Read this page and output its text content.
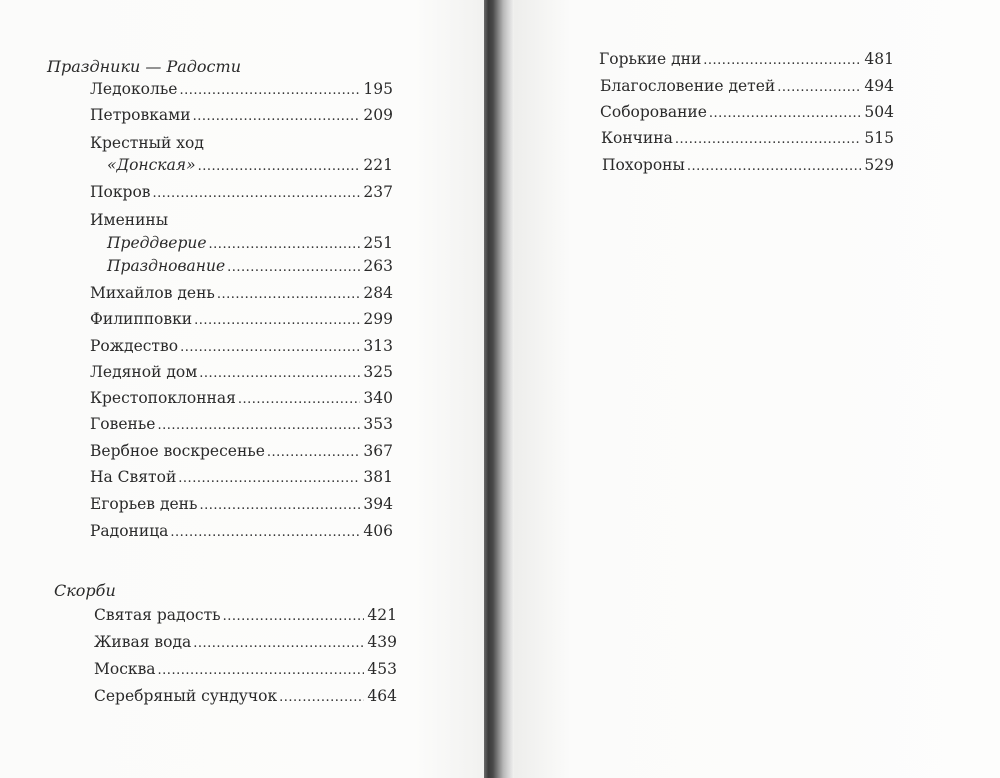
Праздники — Радости
Ледокольe .....	195
Петровками .....	209
Крестный ход
«Донская» .....	221
Покров .....	237
Именины
Преддверие .....	251
Празднование .....	263
Михайлов день .....	284
Филипповки .....	299
Рождество .....	313
Ледяной дом .....	325
Крестопоклонная .....	340
Говенье .....	353
Вербное воскресенье .....	367
На Святой .....	381
Егорьев день .....	394
Радоница .....	406
Скорби
Святая радость .....	421
Живая вода .....	439
Москва .....	453
Серебряный сундучок .....	464
Горькие дни .....	481
Благословение детей .....	494
Соборование .....	504
Кончина .....	515
Похороны .....	529
